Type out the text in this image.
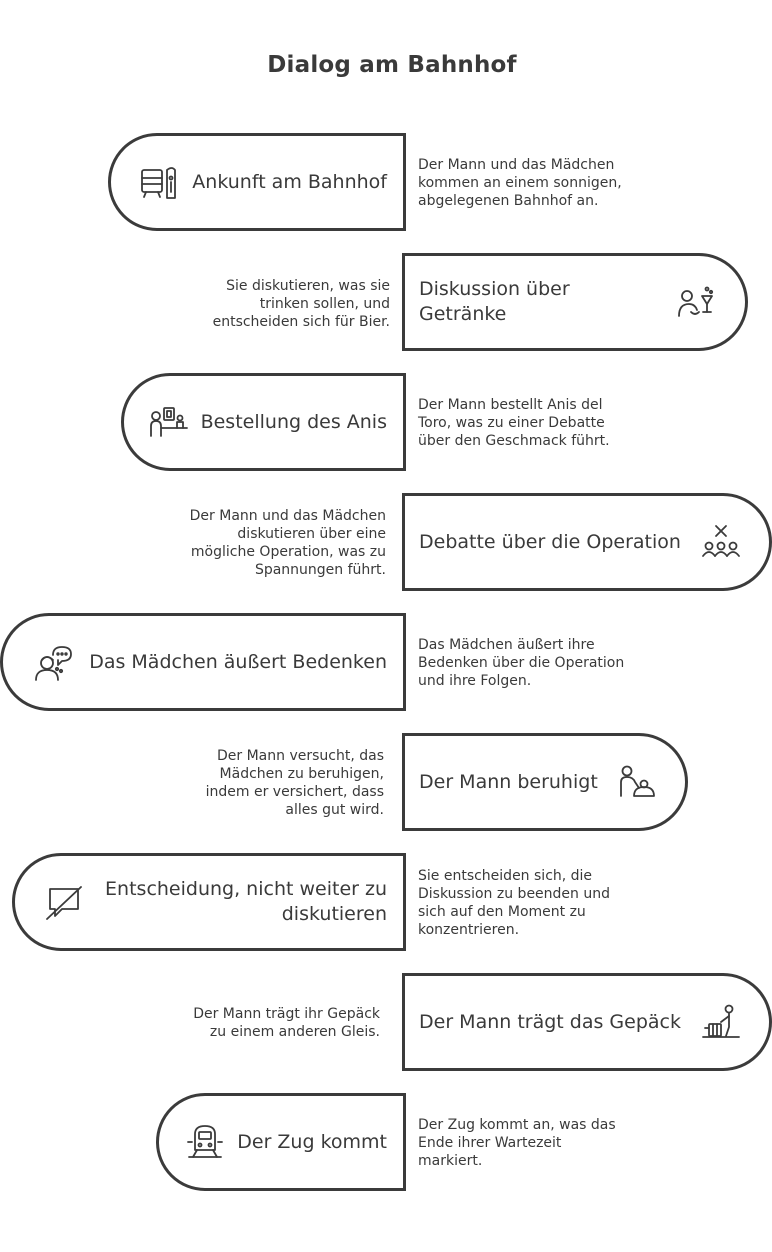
Dialog am Bahnhof
Ankunft am Bahnhof
Der Mann und das Mädchen
kommen an einem sonnigen,
abgelegenen Bahnhof an.
Diskussion über Getränke
Sie diskutieren, was sie
trinken sollen, und
entscheiden sich für Bier.
Bestellung des Anis
Der Mann bestellt Anis del
Toro, was zu einer Debatte
über den Geschmack führt.
Debatte über die Operation
Der Mann und das Mädchen
diskutieren über eine
mögliche Operation, was zu
Spannungen führt.
Das Mädchen äußert Bedenken
Das Mädchen äußert ihre
Bedenken über die Operation
und ihre Folgen.
Der Mann beruhigt
Der Mann versucht, das
Mädchen zu beruhigen,
indem er versichert, dass
alles gut wird.
Entscheidung, nicht weiter zu
diskutieren
Sie entscheiden sich, die
Diskussion zu beenden und
sich auf den Moment zu
konzentrieren.
Der Mann trägt das Gepäck
Der Mann trägt ihr Gepäck
zu einem anderen Gleis.
Der Zug kommt
Der Zug kommt an, was das
Ende ihrer Wartezeit
markiert.
